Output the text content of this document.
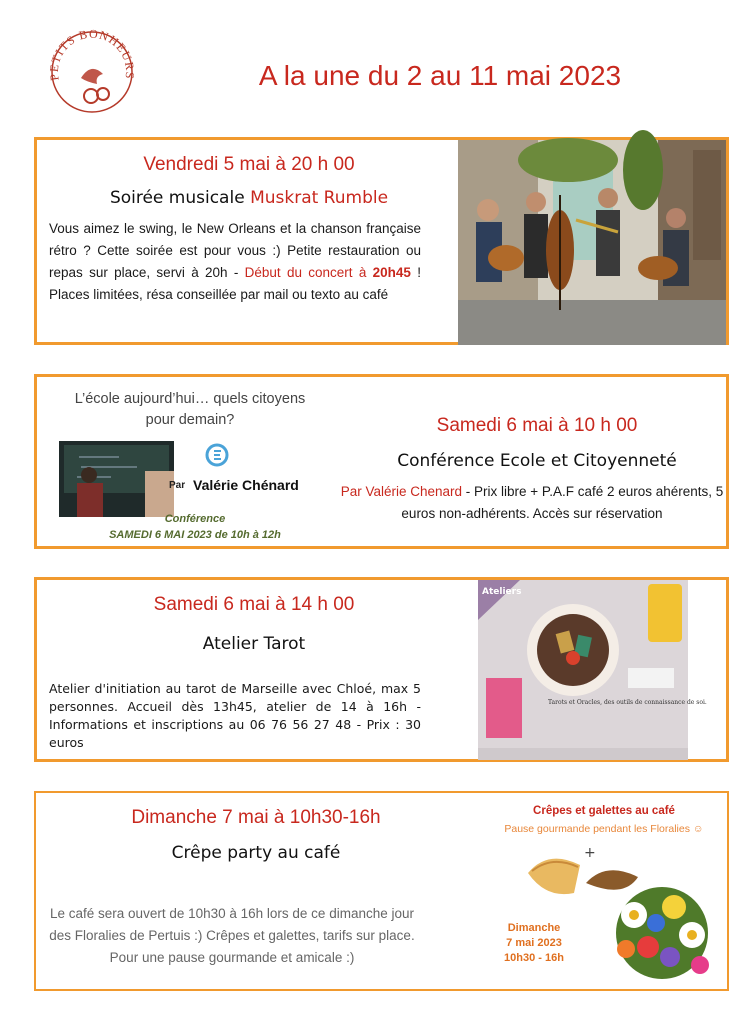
PETITS BONHEURS	A la une du 2 au 11 mai 2023
Vendredi 5 mai à 20 h 00
Soirée musicale Muskrat Rumble
Vous aimez le swing, le New Orleans et la chanson française rétro ? Cette soirée est pour vous :) Petite restauration ou repas sur place, servi à 20h - Début du concert à 20h45 ! Places limitées, résa conseillée par mail ou texto au café
L’école aujourd’hui… quels citoyens pour demain?
Par Valérie Chénard
Conférence
SAMEDI 6 MAI 2023 de 10h à 12h
Samedi 6 mai à 10 h 00
Conférence Ecole et Citoyenneté
Par Valérie Chenard - Prix libre + P.A.F café 2 euros ahérents, 5 euros non-adhérents. Accès sur réservation
Samedi 6 mai à 14 h 00
Atelier Tarot
Atelier d'initiation au tarot de Marseille avec Chloé, max 5 personnes. Accueil dès 13h45, atelier de 14 à 16h - Informations et inscriptions au 06 76 56 27 48 - Prix : 30 euros
Ateliers
Tarots et Oracles, des outils de connaissance de soi.
Dimanche 7 mai à 10h30-16h
Crêpe party au café
Le café sera ouvert de 10h30 à 16h lors de ce dimanche jour des Floralies de Pertuis :) Crêpes et galettes, tarifs sur place. Pour une pause gourmande et amicale :)
Crêpes et galettes au café
Pause gourmande pendant les Floralies ☺
+
Dimanche
7 mai 2023
10h30 - 16h
